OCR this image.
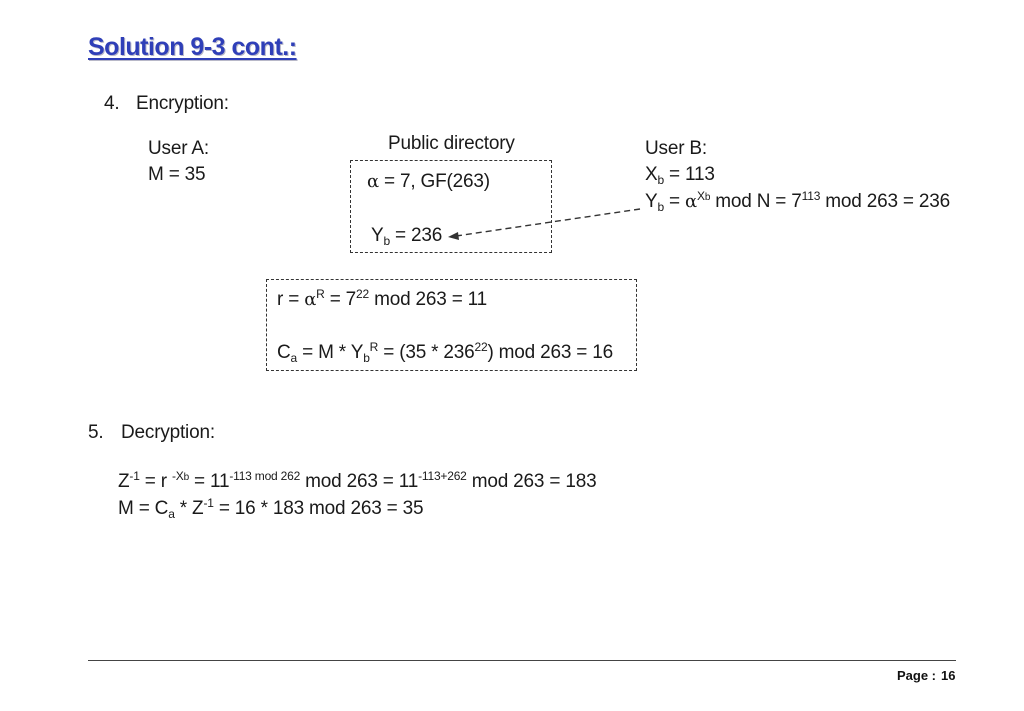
Solution 9-3 cont.:
4. Encryption:
User A:
M = 35
Public directory
α = 7, GF(263)
$Y_b = 236$
User B:
$X_b = 113$
$Y_b = \alpha^{Xb}$ mod $N = 7^{113}$ mod 263 = 236
$r = \alpha^R = 7^{22}$ mod 263 = 11
$C_a = M * Y_b^R = (35 * 236^{22})$ mod 263 = 16
5. Decryption:
$Z^{-1} = r$ $^{-Xb} = 11^{-113 mod 262}$ mod $263 = 11^{-113+262}$ mod 263 = 183
$M = C_a * Z^{-1} = 16 * 183$ mod 263 = 35
Page : 16
